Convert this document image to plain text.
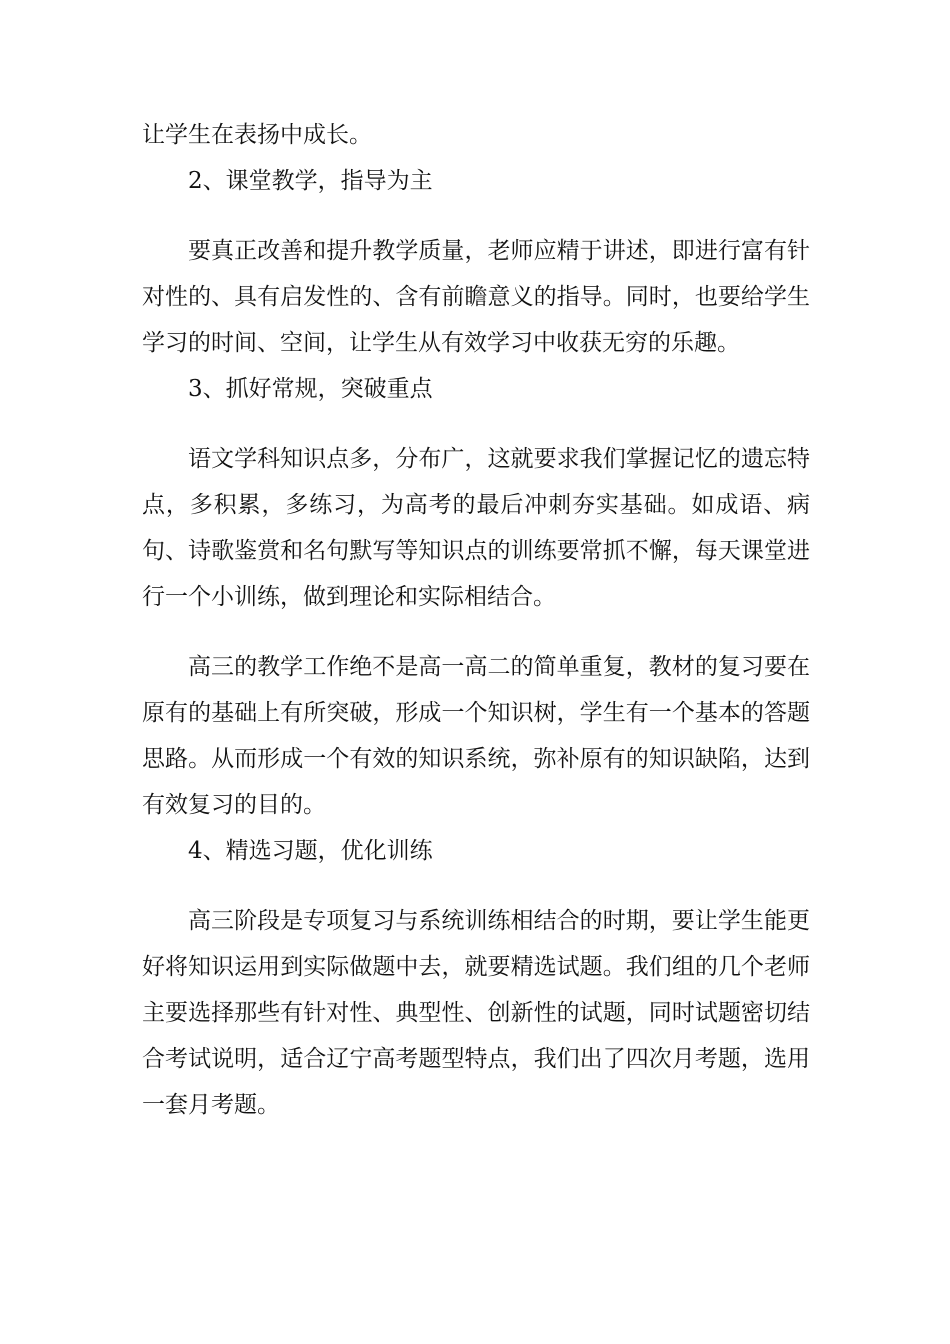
让学生在表扬中成长。

2、课堂教学，指导为主

要真正改善和提升教学质量，老师应精于讲述，即进行富有针对性的、具有启发性的、含有前瞻意义的指导。同时，也要给学生学习的时间、空间，让学生从有效学习中收获无穷的乐趣。

3、抓好常规，突破重点

语文学科知识点多，分布广，这就要求我们掌握记忆的遗忘特点，多积累，多练习，为高考的最后冲刺夯实基础。如成语、病句、诗歌鉴赏和名句默写等知识点的训练要常抓不懈，每天课堂进行一个小训练，做到理论和实际相结合。

高三的教学工作绝不是高一高二的简单重复，教材的复习要在原有的基础上有所突破，形成一个知识树，学生有一个基本的答题思路。从而形成一个有效的知识系统，弥补原有的知识缺陷，达到有效复习的目的。

4、精选习题，优化训练

高三阶段是专项复习与系统训练相结合的时期，要让学生能更好将知识运用到实际做题中去，就要精选试题。我们组的几个老师主要选择那些有针对性、典型性、创新性的试题，同时试题密切结合考试说明，适合辽宁高考题型特点，我们出了四次月考题，选用一套月考题。
